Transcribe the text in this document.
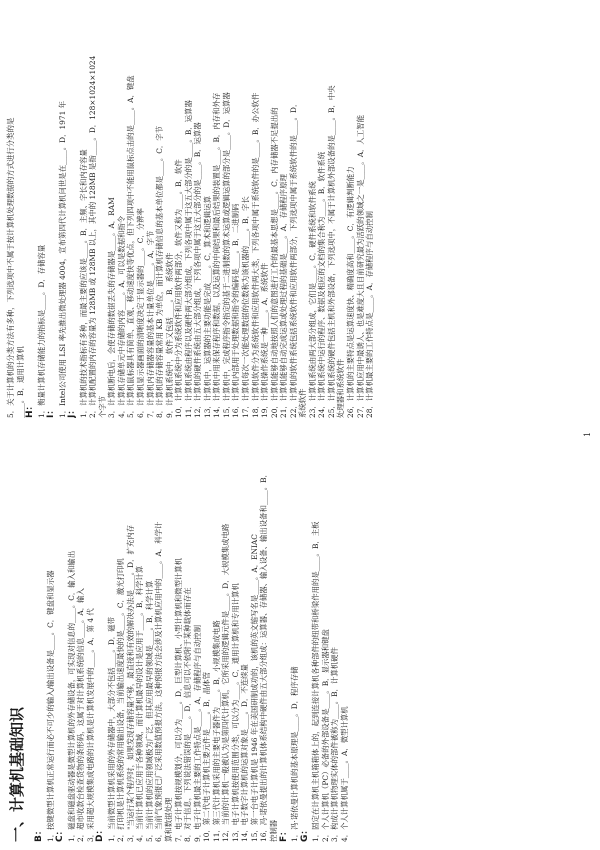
一、计算机基础知识 B： 1．按键微型计算机正常运行而必不可少的输入/输出设备是____。C．键盘和显示器 C： 1．磁盘和磁盘驱动器是微型计算机的外存储设备，可实现对信息的____。C．输入和输出 2．超市收款台检查货物的条形码，这属于对计算机系统的信息____。A．输入 3．采用超大规模集成电路的计算机是计算机发展中的____。A．第 4 代 D： 1．当前微型计算机采用的外存储器中，大部分不包括____。D．磁带 2．打印机是计算机系统的常用输出设备，当前输出速度最快的是____。C．激光打印机 3．"当运行某个程序时，如果发现存储容量不够，最直接和有效的解决办法是____。D．扩充内存 4．当前计算机已应用于各种领域，而计算机最早的设计是应用于____。B．科学计算 5．当前计算机的应用领域极为广泛，但其应用最早的领域是____。B．科学计算 6．当前气象预报已广泛采用数值预报方法，这种预报方法会涉及计算机应用中的____。A．科学计 算和数据处理 7．电子计算机按规模划分，可以分为____。D．巨型计算机、小型计算机和微型计算机 8．对于信息，下列说法错误的是____。D．信息可以不依附于某种载体而存在 9．电子计算机最主要的工作特点是____。A．存储程序与自动控制 10．第二代电子计算机主要元件是____。B．晶体管 11．第三代计算机采用的主要电子器件为____。B．小规模集成电路 12．当前的计算机一般被认为是第四代计算机，它所采用的逻辑元件是____。D．大规模集成电路 13．电子计算机按使用范围分类，可以分为____。C．通用计算机和专用计算机 14．电子数字计算机的运算对象是____。D．不连续量 15．第一台电子计算机是 1946 年在美国研制成功的，该机的英文缩写名是____。A．ENIAC 16．冯·诺依曼提出的计算机体系结构中硬件由五大部分组成：运算器、存储器、输入设备、输出设备和____。B． 控制器 F： 1．冯·诺依曼计算机的基本原理是____。D．程序存储 G： 1．固定在计算机主机箱箱体上的，起到连接计算机各种部件的纽带和桥梁作用的是____。B．主板 2．个人计算机（PC）必备的外部设备是____。B．显示器和键盘 3．构成计算机物理实体的部件被称为____。B．计算机硬件 4．个人计算机属于____。A．微型计算机
5．关于计算机的分类方法有多种，下列选项中不属于按计算机处理数据的方式进行分类的是 ____。B．通用计算机 H： 1．衡量计算机存储能力的指标是____。D．存储容量 I： 1．Intel公司使用 LSI 率先推出微处理器 4004，宣布第四代计算机问世是在____。D．1971 年 J： 1．计算机的技术指标有多种，而最主要的应该是____。B．主频、字长和内存容量 2．计算机配置的内存的容量为 128MB 或 128MB 以上，其中的 128MB 是指____。D．128×1024×1024 个字节 3．计算机断电后，会使存储的数据丢失的存储器是____。A．RAM 4．计算机存储单元中存储的内容____。A．可以是数据和指令 5．计算机鼠标器具有简单、直观、移动速度快等优点，但下列四项中不能用鼠标点击的是____。A．键盘 6．计算机显示器画面的清晰度决定于显示器的____。C．分辨率 7．计算机内存储器容量的基本计量单位是____。A．字节 8．计算机的存储容量常用 KB 为单位，而计算机存储信息的基本单位都是____。C．字节 9．计算机系统中，软件又包括____。B．系统软件 10．计算机系统中分为系统软件和应用软件两部分，软件又称为____。B．软件 11．计算机系统由程序以及硬件两大部分组成，下列各项中属于这五大部分的是____。B．运算器 12．计算机的硬件系统由五大部分组成，下列各项中属于这五大部分的是____。B．运算器 13．计算机中，运算器的主要功能是完成____。C．算术和逻辑运算 14．计算机中用来保存程序和数据，以及运算的中间结果和最后结果的装置是____。B．内存和外存 15．计算机中，完成程序指令指定的基于二进制数的算术运算或逻辑运算的部分是____。D．运算器 16．计算机内部用于处理数据和指令的编码是____。B．二进制码 17．计算机每次一次能处理数据的位数称为该机器的____。B．字长 18．计算机软件分为系统软件和应用软件两大类，下列各项中属于系统软件的是____。B．办公软件 19．计算机操作系统是一种____。A．系统软件 20．计算机能够自动地按照人们的意图进行工作的最基本思想是____。C．内存储器不足提出的 21．计算机能够自动完成运算或处理过程的基础是____。A．存储程序原理 22．计算机的软件系统包括系统软件和应用软件两部分，下列选项中属于系统软件的是____。D． 系统软件 23．计算机系统由两大部分组成，它们是____。C．硬件系统和软件系统 24．计算机系统中运行的程序、数据及相应的文档的集合称为____。B．软件系统 25．计算机系统的硬件包括主机和外部设备，下列选项中，不属于计算机外部设备的是____。B．中央 处理器和系统软件 26．计算机的主要特点是运算速度快、精确度高和____。C．有逻辑判断能力 27．计算机应用中最诱人、也是难度大且目前研究最为活跃的领域之一是____。A．人工智能 28．计算机最主要的工作特点是____。A．存储程序与自动控制
1
